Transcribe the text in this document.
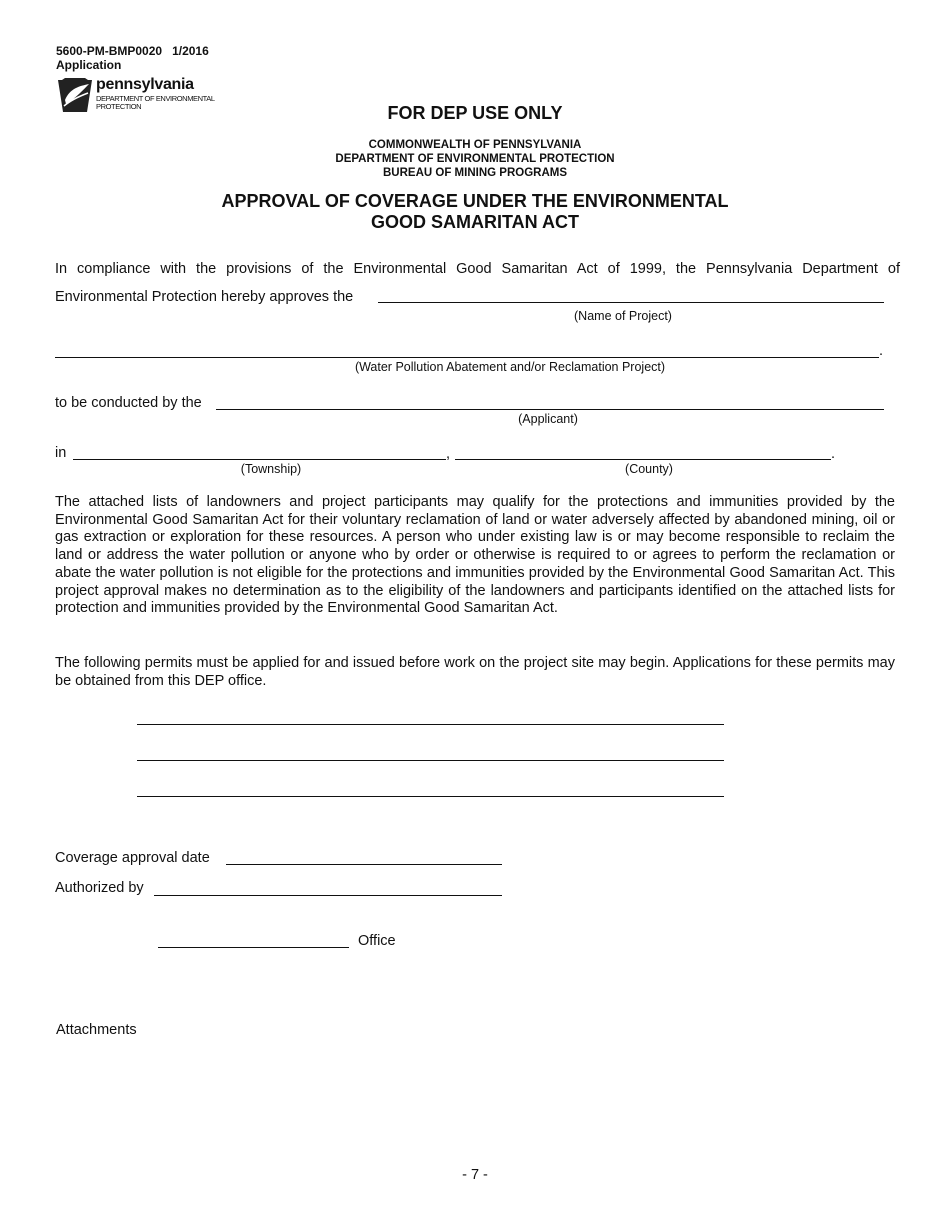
5600-PM-BMP0020 1/2016
Application
pennsylvania
DEPARTMENT OF ENVIRONMENTAL
PROTECTION	FOR DEP USE ONLY
COMMONWEALTH OF PENNSYLVANIA
DEPARTMENT OF ENVIRONMENTAL PROTECTION
BUREAU OF MINING PROGRAMS
APPROVAL OF COVERAGE UNDER THE ENVIRONMENTAL
GOOD SAMARITAN ACT
In compliance with the provisions of the Environmental Good Samaritan Act of 1999, the Pennsylvania Department of
Environmental Protection hereby approves the
(Name of Project)
.
(Water Pollution Abatement and/or Reclamation Project)
to be conducted by the
(Applicant)
in	,	.
(Township)	(County)
The attached lists of landowners and project participants may qualify for the protections and immunities provided by the Environmental Good Samaritan Act for their voluntary reclamation of land or water adversely affected by abandoned mining, oil or gas extraction or exploration for these resources. A person who under existing law is or may become responsible to reclaim the land or address the water pollution or anyone who by order or otherwise is required to or agrees to perform the reclamation or abate the water pollution is not eligible for the protections and immunities provided by the Environmental Good Samaritan Act. This project approval makes no determination as to the eligibility of the landowners and participants identified on the attached lists for protection and immunities provided by the Environmental Good Samaritan Act.
The following permits must be applied for and issued before work on the project site may begin. Applications for these permits may be obtained from this DEP office.
Coverage approval date
Authorized by
Office
Attachments
- 7 -
